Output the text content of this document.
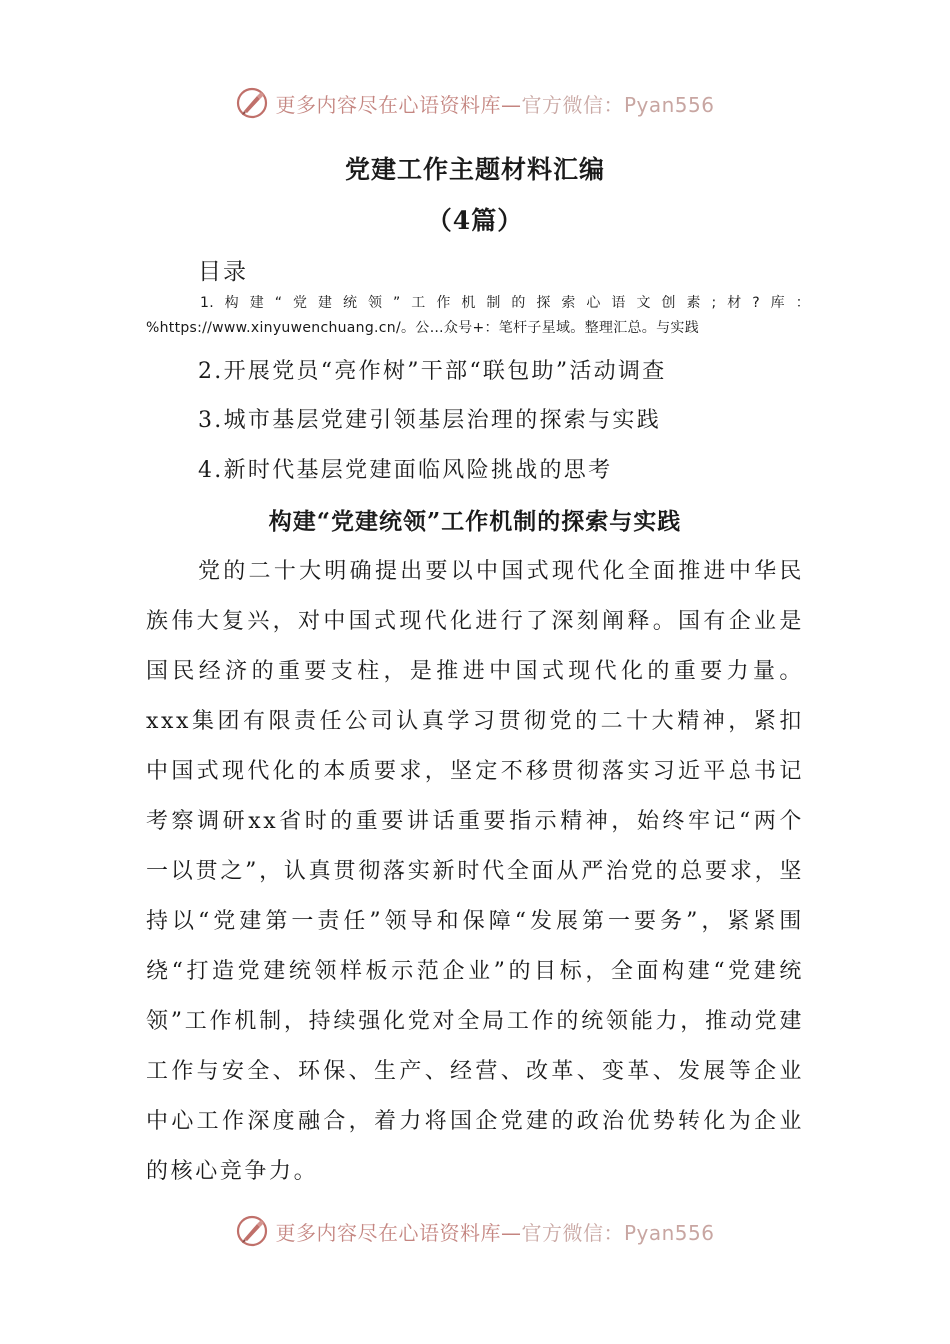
更多内容尽在心语资料库—官方微信：Pyan556
党建工作主题材料汇编
（4篇）
目录
1.构建“党建统领”工作机制的探索心语文创素;材?库：%https://www.xinyuwenchuang.cn/。公…众号+：笔杆子星域。整理汇总。与实践
2.开展党员“亮作树”干部“联包助”活动调查
3.城市基层党建引领基层治理的探索与实践
4.新时代基层党建面临风险挑战的思考
构建“党建统领”工作机制的探索与实践

党的二十大明确提出要以中国式现代化全面推进中华民族伟大复兴，对中国式现代化进行了深刻阐释。国有企业是国民经济的重要支柱，是推进中国式现代化的重要力量。xxx集团有限责任公司认真学习贯彻党的二十大精神，紧扣中国式现代化的本质要求，坚定不移贯彻落实习近平总书记考察调研xx省时的重要讲话重要指示精神，始终牢记“两个一以贯之”，认真贯彻落实新时代全面从严治党的总要求，坚持以“党建第一责任”领导和保障“发展第一要务”，紧紧围绕“打造党建统领样板示范企业”的目标，全面构建“党建统领”工作机制，持续强化党对全局工作的统领能力，推动党建工作与安全、环保、生产、经营、改革、变革、发展等企业中心工作深度融合，着力将国企党建的政治优势转化为企业的核心竞争力。

更多内容尽在心语资料库—官方微信：Pyan556
